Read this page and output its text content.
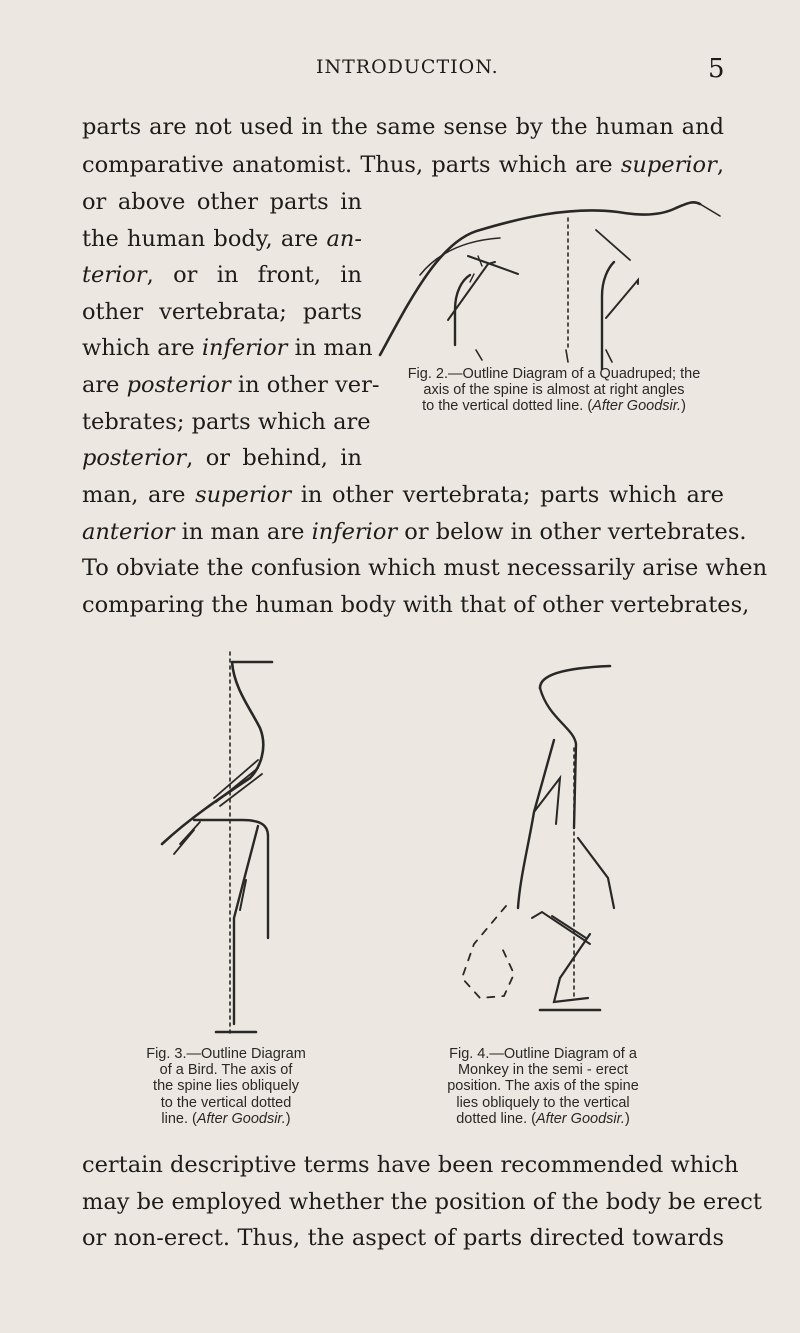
INTRODUCTION.	5
parts are not used in the same sense by the human and
comparative anatomist. Thus, parts which are superior,
or above other parts in
the human body, are an-
terior, or in front, in
other vertebrata; parts
which are inferior in man
are posterior in other ver-
tebrates; parts which are
posterior, or behind, in
man, are superior in other vertebrata; parts which are
anterior in man are inferior or below in other vertebrates.
To obviate the confusion which must necessarily arise when
comparing the human body with that of other vertebrates,
Fig. 2.—Outline Diagram of a Quadruped; the
axis of the spine is almost at right angles
to the vertical dotted line. (After Goodsir.)
Fig. 3.—Outline Diagram
of a Bird. The axis of
the spine lies obliquely
to the vertical dotted
line. (After Goodsir.)
Fig. 4.—Outline Diagram of a
Monkey in the semi - erect
position. The axis of the spine
lies obliquely to the vertical
dotted line. (After Goodsir.)
certain descriptive terms have been recommended which
may be employed whether the position of the body be erect
or non-erect. Thus, the aspect of parts directed towards
